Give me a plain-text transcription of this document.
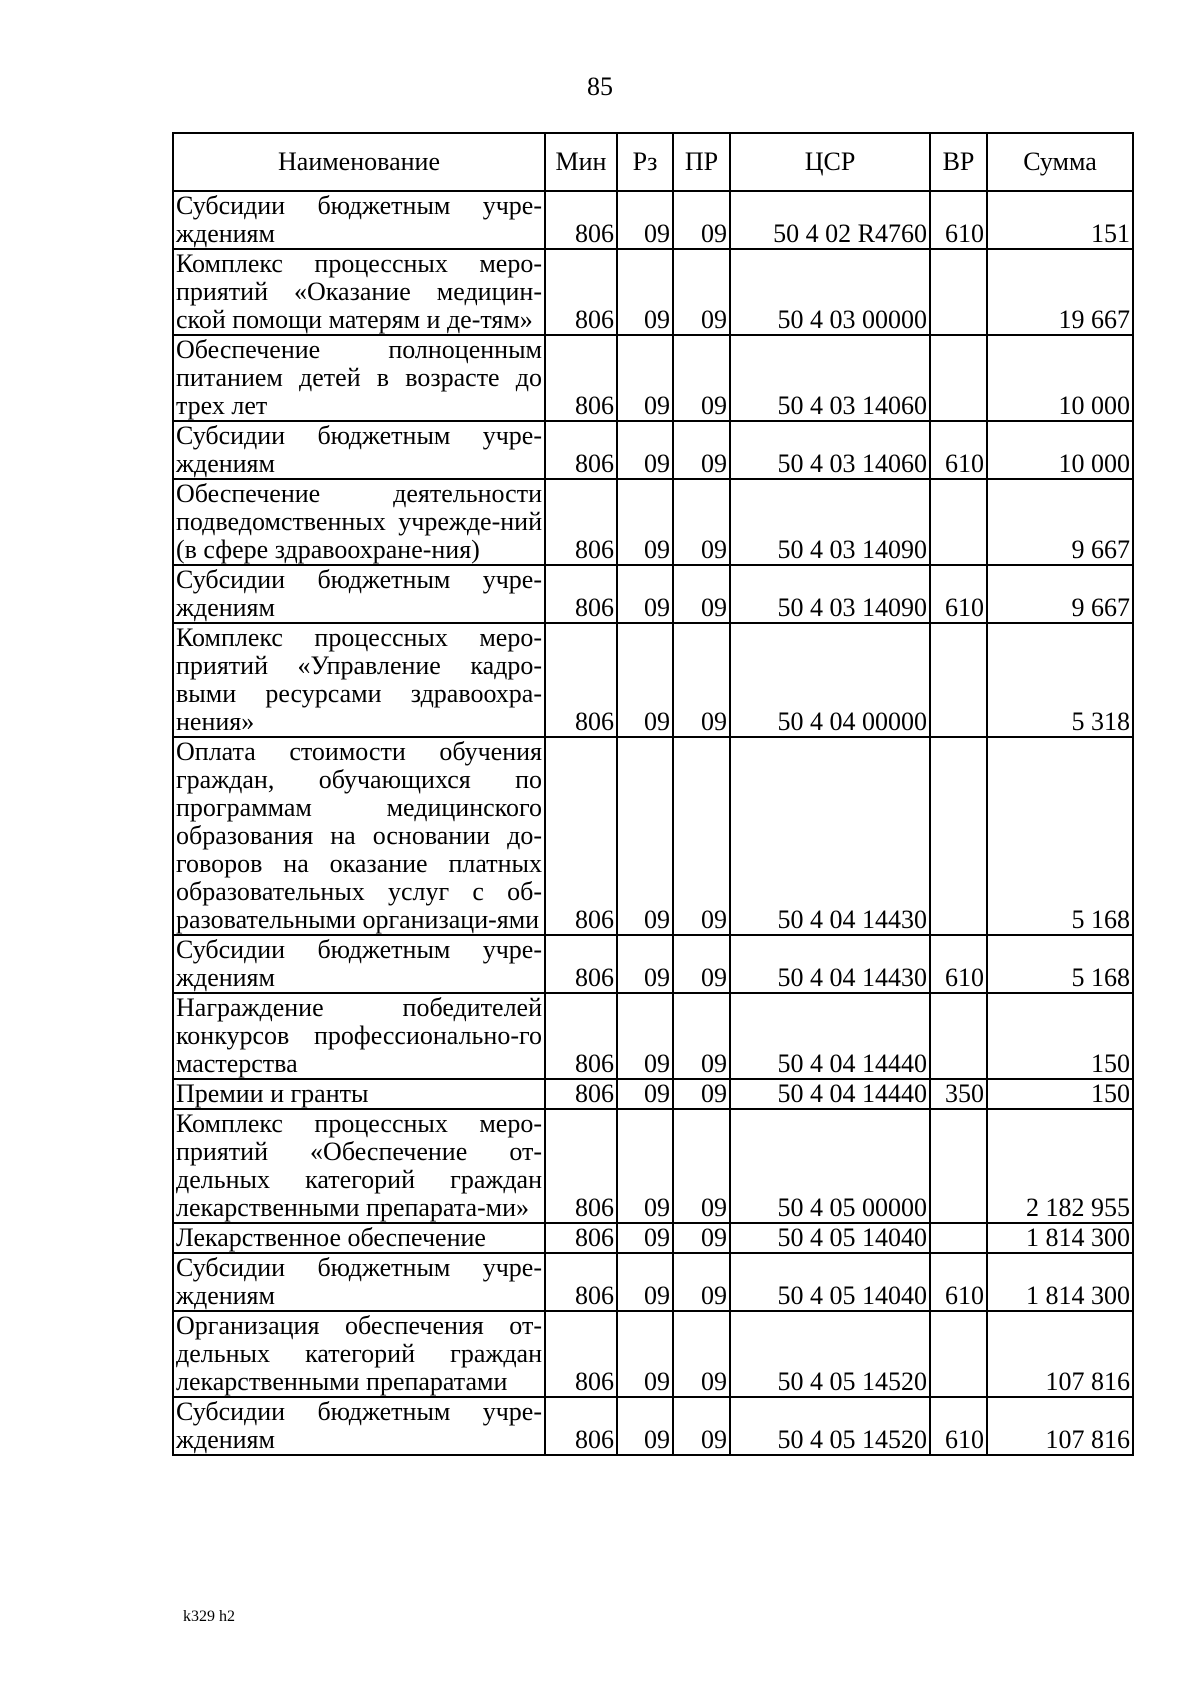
85
Наименование	Мин	Рз	ПР	ЦСР	ВР	Сумма
Субсидии бюджетным учре-ждениям	806	09	09	50 4 02 R4760	610	151
Комплекс процессных меро-приятий «Оказание медицин-ской помощи матерям и де-тям»	806	09	09	50 4 03 00000		19 667
Обеспечение полноценным питанием детей в возрасте до трех лет	806	09	09	50 4 03 14060		10 000
Субсидии бюджетным учре-ждениям	806	09	09	50 4 03 14060	610	10 000
Обеспечение деятельности подведомственных учрежде-ний (в сфере здравоохране-ния)	806	09	09	50 4 03 14090		9 667
Субсидии бюджетным учре-ждениям	806	09	09	50 4 03 14090	610	9 667
Комплекс процессных меро-приятий «Управление кадро-выми ресурсами здравоохра-нения»	806	09	09	50 4 04 00000		5 318
Оплата стоимости обучения граждан, обучающихся по программам медицинского образования на основании до-говоров на оказание платных образовательных услуг с об-разовательными организаци-ями	806	09	09	50 4 04 14430		5 168
Субсидии бюджетным учре-ждениям	806	09	09	50 4 04 14430	610	5 168
Награждение победителей конкурсов профессионально-го мастерства	806	09	09	50 4 04 14440		150
Премии и гранты	806	09	09	50 4 04 14440	350	150
Комплекс процессных меро-приятий «Обеспечение от-дельных категорий граждан лекарственными препарата-ми»	806	09	09	50 4 05 00000		2 182 955
Лекарственное обеспечение	806	09	09	50 4 05 14040		1 814 300
Субсидии бюджетным учре-ждениям	806	09	09	50 4 05 14040	610	1 814 300
Организация обеспечения от-дельных категорий граждан лекарственными препаратами	806	09	09	50 4 05 14520		107 816
Субсидии бюджетным учре-ждениям	806	09	09	50 4 05 14520	610	107 816
k329 h2
